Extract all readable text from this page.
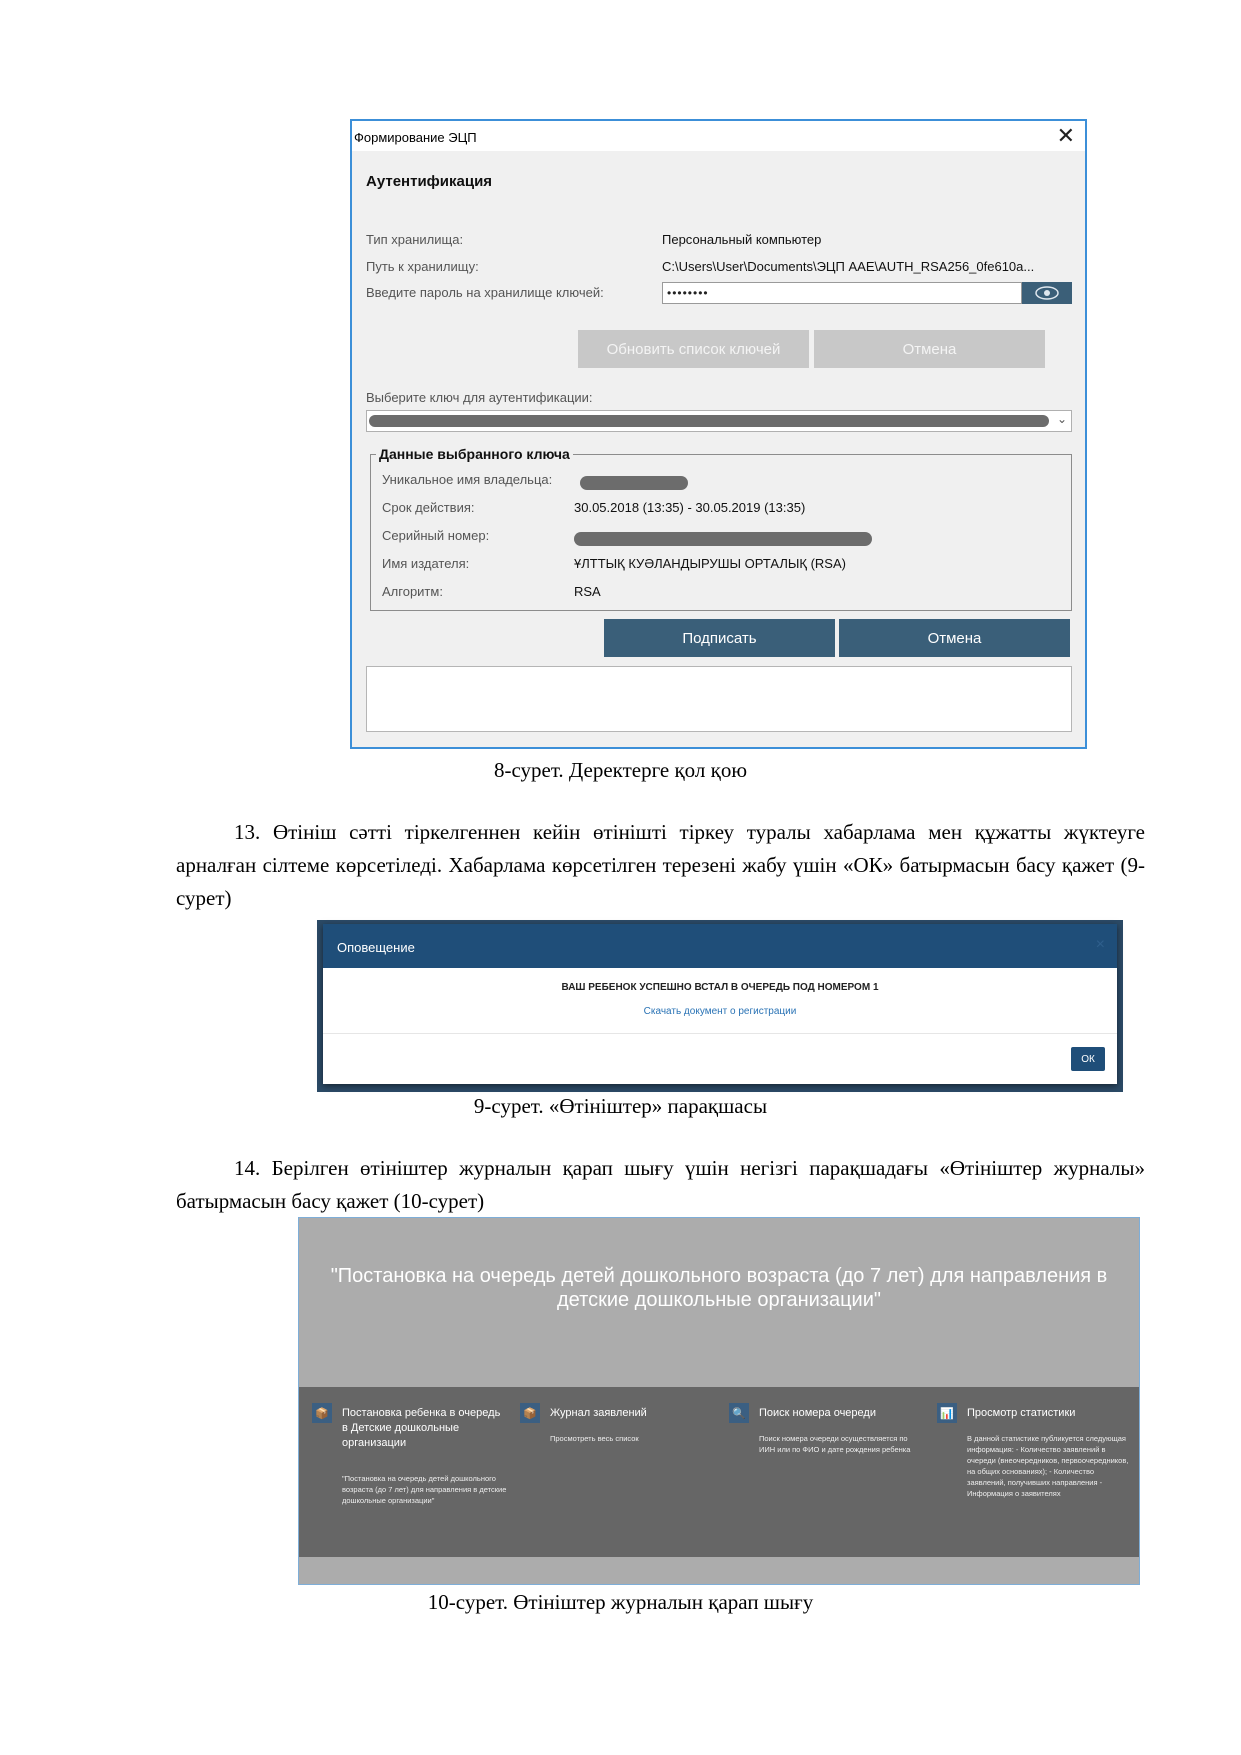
Формирование ЭЦП	✕
Аутентификация
Тип хранилища:	Персональный компьютер
Путь к хранилищу:	C:\Users\User\Documents\ЭЦП ААЕ\AUTH_RSA256_0fe610a...
Введите пароль на хранилище ключей:	••••••••
Обновить список ключей	Отмена
Выберите ключ для аутентификации:
⌄
Данные выбранного ключа
Уникальное имя владельца:
Срок действия:	30.05.2018 (13:35) - 30.05.2019 (13:35)
Серийный номер:
Имя издателя:	ҰЛТТЫҚ КУӘЛАНДЫРУШЫ ОРТАЛЫҚ (RSA)
Алгоритм:	RSA
Подписать	Отмена
8-сурет. Деректерге қол қою
13. Өтініш сәтті тіркелгеннен кейін өтінішті тіркеу туралы хабарлама мен құжатты жүктеуге арналған сілтеме көрсетіледі. Хабарлама көрсетілген терезені жабу үшін «ОК» батырмасын басу қажет (9-сурет)
Оповещение	×
ВАШ РЕБЕНОК УСПЕШНО ВСТАЛ В ОЧЕРЕДЬ ПОД НОМЕРОМ 1
Скачать документ о регистрации
ОК
9-сурет. «Өтініштер» парақшасы
14. Берілген өтініштер журналын қарап шығу үшін негізгі парақшадағы «Өтініштер журналы» батырмасын басу қажет (10-сурет)
"Постановка на очередь детей дошкольного возраста (до 7 лет) для направления в детские дошкольные организации"
📦 Постановка ребенка в очередь в Детские дошкольные организации
"Постановка на очередь детей дошкольного возраста (до 7 лет) для направления в детские дошкольные организации"
📦 Журнал заявлений
Просмотреть весь список
🔍 Поиск номера очереди
Поиск номера очереди осуществляется по ИИН или по ФИО и дате рождения ребенка
📊 Просмотр статистики
В данной статистике публикуется следующая информация: - Количество заявлений в очереди (внеочередников, первоочередников, на общих основаниях); - Количество заявлений, получивших направления - Информация о заявителях
10-сурет. Өтініштер журналын қарап шығу
